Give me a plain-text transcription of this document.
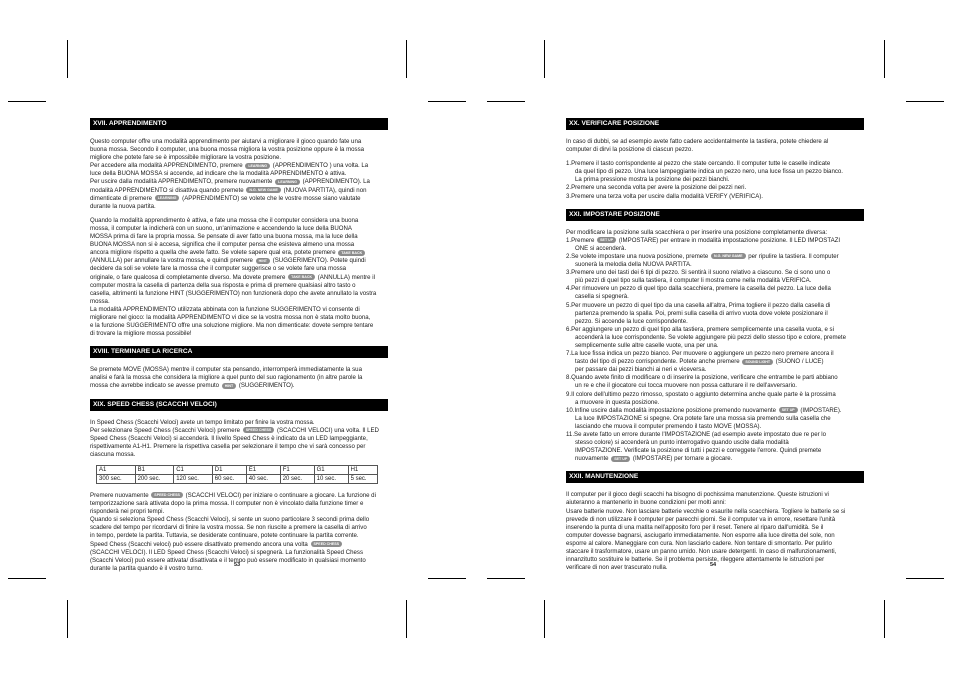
XVII. APPRENDIMENTO
Questo computer offre una modalità apprendimento per aiutarvi a migliorare il gioco quando fate una
buona mossa. Secondo il computer, una buona mossa migliora la vostra posizione oppure è la mossa
migliore che potete fare se è impossibile migliorare la vostra posizione.
Per accedere alla modalità APPRENDIMENTO, premere LEARNING (APPRENDIMENTO ) una volta. La
luce della BUONA MOSSA si accende, ad indicare che la modalità APPRENDIMENTO è attiva.
Per uscire dalla modalità APPRENDIMENTO, premere nuovamente LEARNING (APPRENDIMENTO). La
modalità APPRENDIMENTO si disattiva quando premete N.G. NEW GAME (NUOVA PARTITA), quindi non
dimenticate di premere LEARNING (APPRENDIMENTO) se volete che le vostre mosse siano valutate
durante la nuova partita.
Quando la modalità apprendimento è attiva, e fate una mossa che il computer considera una buona
mossa, il computer la indicherà con un suono, un'animazione e accendendo la luce della BUONA
MOSSA prima di fare la propria mossa. Se pensate di aver fatto una buona mossa, ma la luce della
BUONA MOSSA non si è accesa, significa che il computer pensa che esisteva almeno una mossa
ancora migliore rispetto a quella che avete fatto. Se volete sapere qual era, potete premere TAKE BACK
(ANNULLA) per annullare la vostra mossa, e quindi premere HINT (SUGGERIMENTO). Potete quindi
decidere da soli se volete fare la mossa che il computer suggerisce o se volete fare una mossa
originale, o fare qualcosa di completamente diverso. Ma dovete premere TAKE BACK (ANNULLA) mentre il
computer mostra la casella di partenza della sua risposta e prima di premere qualsiasi altro tasto o
casella, altrimenti la funzione HINT (SUGGERIMENTO) non funzionerà dopo che avete annullato la vostra
mossa.
La modalità APPRENDIMENTO utilizzata abbinata con la funzione SUGGERIMENTO vi consente di
migliorare nel gioco: la modalità APPRENDIMENTO vi dice se la vostra mossa non è stata molto buona,
e la funzione SUGGERIMENTO offre una soluzione migliore. Ma non dimenticate: dovete sempre tentare
di trovare la migliore mossa possibile!
XVIII. TERMINARE LA RICERCA
Se premete MOVE (MOSSA) mentre il computer sta pensando, interromperà immediatamente la sua
analisi e farà la mossa che considera la migliore a quel punto del suo ragionamento (in altre parole la
mossa che avrebbe indicato se avesse premuto HINT (SUGGERIMENTO).
XIX. SPEED CHESS (SCACCHI VELOCI)
In Speed Chess (Scacchi Veloci) avete un tempo limitato per finire la vostra mossa.
Per selezionare Speed Chess (Scacchi Veloci) premere SPEED CHESS (SCACCHI VELOCI) una volta. Il LED
Speed Chess (Scacchi Veloci) si accenderà. Il livello Speed Chess è indicato da un LED lampeggiante,
rispettivamente A1-H1. Premere la rispettiva casella per selezionare il tempo che vi sarà concesso per
ciascuna mossa.
A1	B1	C1	D1	E1	F1	G1	H1
300 sec.	200 sec.	120 sec.	60 sec.	40 sec.	20 sec.	10 sec.	5 sec.
Premere nuovamente SPEED CHESS (SCACCHI VELOCI) per iniziare o continuare a giocare. La funzione di
temporizzazione sarà attivata dopo la prima mossa. Il computer non è vincolato dalla funzione timer e
risponderà nei propri tempi.
Quando si seleziona Speed Chess (Scacchi Veloci), si sente un suono particolare 3 secondi prima dello
scadere del tempo per ricordarvi di finire la vostra mossa. Se non riuscite a premere la casella di arrivo
in tempo, perdete la partita. Tuttavia, se desiderate continuare, potete continuare la partita corrente.
Speed Chess (Scacchi veloci) può essere disattivato premendo ancora una volta SPEED CHESS
(SCACCHI VELOCI). Il LED Speed Chess (Scacchi Veloci) si spegnerà. La funzionalità Speed Chess
(Scacchi Veloci) può essere attivata/ disattivata e il tempo può essere modificato in qualsiasi momento
durante la partita quando è il vostro turno.	53
XX. VERIFICARE POSIZIONE
In caso di dubbi, se ad esempio avete fatto cadere accidentalmente la tastiera, potete chiedere al
computer di dirvi la posizione di ciascun pezzo.
1.Premere il tasto corrispondente al pezzo che state cercando. Il computer tutte le caselle indicate
da quel tipo di pezzo. Una luce lampeggiante indica un pezzo nero, una luce fissa un pezzo bianco.
La prima pressione mostra la posizione dei pezzi bianchi.
2.Premere una seconda volta per avere la posizione dei pezzi neri.
3.Premere una terza volta per uscire dalla modalità VERIFY (VERIFICA).
XXI. IMPOSTARE POSIZIONE
Per modificare la posizione sulla scacchiera o per inserire una posizione completamente diversa:
1.Premere SET UP (IMPOSTARE) per entrare in modalità impostazione posizione. Il LED IMPOSTAZI
ONE si accenderà.
2.Se volete impostare una nuova posizione, premete N.G. NEW GAME per ripulire la tastiera. Il computer
suonerà la melodia della NUOVA PARTITA.
3.Premere uno dei tasti dei 6 tipi di pezzo. Si sentirà il suono relativo a ciascuno. Se ci sono uno o
più pezzi di quel tipo sulla tastiera, il computer li mostra come nella modalità VERIFICA.
4.Per rimuovere un pezzo di quel tipo dalla scacchiera, premere la casella del pezzo. La luce della
casella si spegnerà.
5.Per muovere un pezzo di quel tipo da una casella all'altra, Prima togliere il pezzo dalla casella di
partenza premendo la spalla. Poi, premi sulla casella di arrivo vuota dove volete posizionare il
pezzo. Si accende la luce corrispondente.
6.Per aggiungere un pezzo di quel tipo alla tastiera, premere semplicemente una casella vuota, e si
accenderà la luce corrispondente. Se volete aggiungere più pezzi dello stesso tipo e colore, premete
semplicemente sulle altre caselle vuote, una per una.
7.La luce fissa indica un pezzo bianco. Per muovere o aggiungere un pezzo nero premere ancora il
tasto del tipo di pezzo corrispondente. Potete anche premere SOUND LIGHT (SUONO / LUCE)
per passare dai pezzi bianchi ai neri e viceversa.
8.Quando avete finito di modificare o di inserire la posizione, verificare che entrambe le parti abbiano
un re e che il giocatore cui tocca muovere non possa catturare il re dell'avversario.
9.Il colore dell'ultimo pezzo rimosso, spostato o aggiunto determina anche quale parte è la prossima
a muovere in questa posizione.
10.Infine uscire dalla modalità impostazione posizione premendo nuovamente SET UP (IMPOSTARE).
La luce IMPOSTAZIONE si spegne. Ora potete fare una mossa sia premendo sulla casella che
lasciando che muova il computer premendo il tasto MOVE (MOSSA).
11.Se avete fatto un errore durante l'IMPOSTAZIONE (ad esempio avete impostato due re per lo
stesso colore) si accenderà un punto interrogativo quando uscite dalla modalità
IMPOSTAZIONE. Verificate la posizione di tutti i pezzi e correggete l'errore. Quindi premete
nuovamente SET UP (IMPOSTARE) per tornare a giocare.
XXII. MANUTENZIONE
Il computer per il gioco degli scacchi ha bisogno di pochissima manutenzione. Queste istruzioni vi
aiuteranno a mantenerlo in buone condizioni per molti anni:
Usare batterie nuove. Non lasciare batterie vecchie o esaurite nella scacchiera. Togliere le batterie se si
prevede di non utilizzare il computer per parecchi giorni. Se il computer va in errore, resettare l'unità
inserendo la punta di una matita nell'apposito foro per il reset. Tenere al riparo dall'umidità. Se il
computer dovesse bagnarsi, asciugarlo immediatamente. Non esporre alla luce diretta del sole, non
esporre al calore. Maneggiare con cura. Non lasciarlo cadere. Non tentare di smontarlo. Per pulirlo
staccare il trasformatore, usare un panno umido. Non usare detergenti. In caso di malfunzionamenti,
innanzitutto sostituire le batterie. Se il problema persiste, rileggere attentamente le istruzioni per
verificare di non aver trascurato nulla.	54
